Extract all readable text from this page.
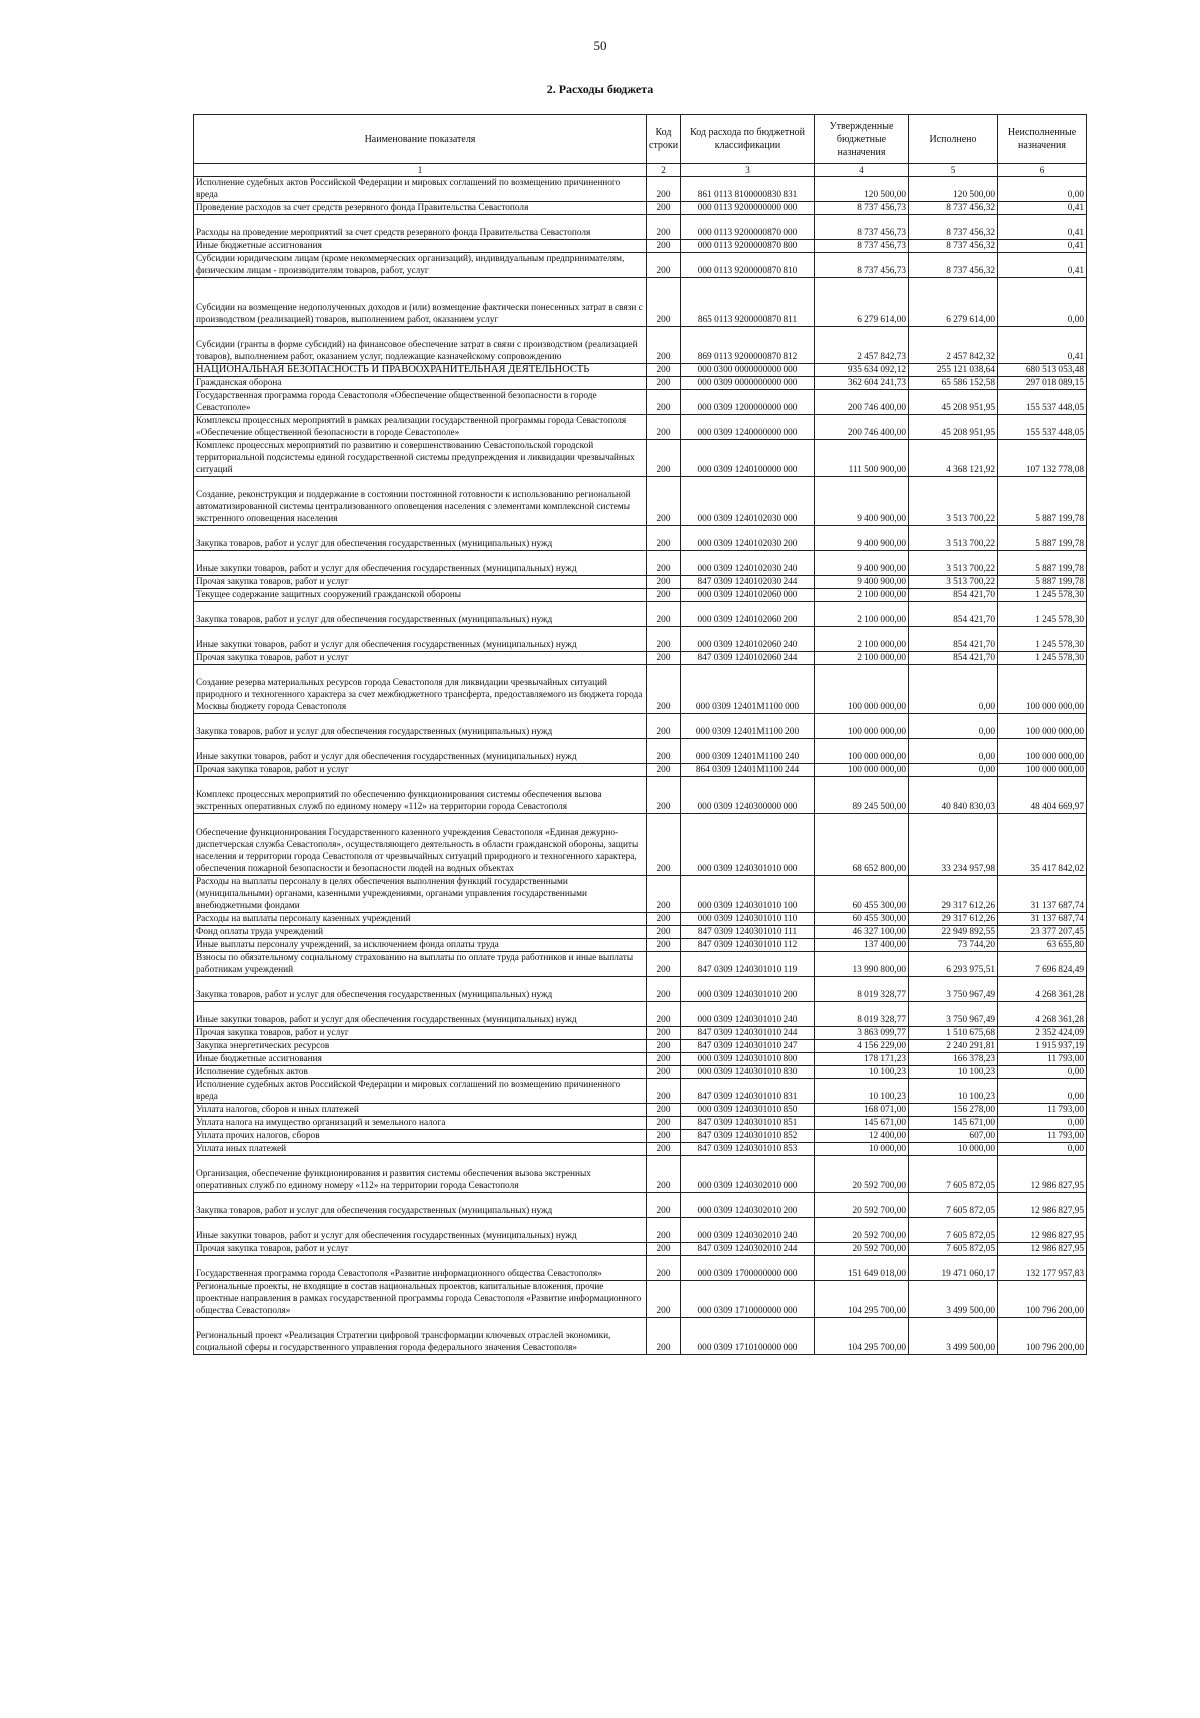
50
2. Расходы бюджета
Наименование показателя	Код строки	Код расхода по бюджетной классификации	Утвержденные бюджетные назначения	Исполнено	Неисполненные назначения
1	2	3	4	5	6
Исполнение судебных актов Российской Федерации и мировых соглашений по возмещению причиненного вреда	200	861 0113 8100000830 831	120 500,00	120 500,00	0,00
Проведение расходов за счет средств резервного фонда Правительства Севастополя	200	000 0113 9200000000 000	8 737 456,73	8 737 456,32	0,41
Расходы на проведение мероприятий за счет средств резервного фонда Правительства Севастополя	200	000 0113 9200000870 000	8 737 456,73	8 737 456,32	0,41
Иные бюджетные ассигнования	200	000 0113 9200000870 800	8 737 456,73	8 737 456,32	0,41
Субсидии юридическим лицам (кроме некоммерческих организаций), индивидуальным предпринимателям, физическим лицам - производителям товаров, работ, услуг	200	000 0113 9200000870 810	8 737 456,73	8 737 456,32	0,41
Субсидии на возмещение недополученных доходов и (или) возмещение фактически понесенных затрат в связи с производством (реализацией) товаров, выполнением работ, оказанием услуг	200	865 0113 9200000870 811	6 279 614,00	6 279 614,00	0,00
Субсидии (гранты в форме субсидий) на финансовое обеспечение затрат в связи с производством (реализацией товаров), выполнением работ, оказанием услуг, подлежащие казначейскому сопровождению	200	869 0113 9200000870 812	2 457 842,73	2 457 842,32	0,41
НАЦИОНАЛЬНАЯ БЕЗОПАСНОСТЬ И ПРАВООХРАНИТЕЛЬНАЯ ДЕЯТЕЛЬНОСТЬ	200	000 0300 0000000000 000	935 634 092,12	255 121 038,64	680 513 053,48
Гражданская оборона	200	000 0309 0000000000 000	362 604 241,73	65 586 152,58	297 018 089,15
Государственная программа города Севастополя «Обеспечение общественной безопасности в городе Севастополе»	200	000 0309 1200000000 000	200 746 400,00	45 208 951,95	155 537 448,05
Комплексы процессных мероприятий в рамках реализации государственной программы города Севастополя «Обеспечение общественной безопасности в городе Севастополе»	200	000 0309 1240000000 000	200 746 400,00	45 208 951,95	155 537 448,05
Комплекс процессных мероприятий по развитию и совершенствованию Севастопольской городской территориальной подсистемы единой государственной системы предупреждения и ликвидации чрезвычайных ситуаций	200	000 0309 1240100000 000	111 500 900,00	4 368 121,92	107 132 778,08
Создание, реконструкция и поддержание в состоянии постоянной готовности к использованию региональной автоматизированной системы централизованного оповещения населения с элементами комплексной системы экстренного оповещения населения	200	000 0309 1240102030 000	9 400 900,00	3 513 700,22	5 887 199,78
Закупка товаров, работ и услуг для обеспечения государственных (муниципальных) нужд	200	000 0309 1240102030 200	9 400 900,00	3 513 700,22	5 887 199,78
Иные закупки товаров, работ и услуг для обеспечения государственных (муниципальных) нужд	200	000 0309 1240102030 240	9 400 900,00	3 513 700,22	5 887 199,78
Прочая закупка товаров, работ и услуг	200	847 0309 1240102030 244	9 400 900,00	3 513 700,22	5 887 199,78
Текущее содержание защитных сооружений гражданской обороны	200	000 0309 1240102060 000	2 100 000,00	854 421,70	1 245 578,30
Закупка товаров, работ и услуг для обеспечения государственных (муниципальных) нужд	200	000 0309 1240102060 200	2 100 000,00	854 421,70	1 245 578,30
Иные закупки товаров, работ и услуг для обеспечения государственных (муниципальных) нужд	200	000 0309 1240102060 240	2 100 000,00	854 421,70	1 245 578,30
Прочая закупка товаров, работ и услуг	200	847 0309 1240102060 244	2 100 000,00	854 421,70	1 245 578,30
Создание резерва материальных ресурсов города Севастополя для ликвидации чрезвычайных ситуаций природного и техногенного характера за счет межбюджетного трансферта, предоставляемого из бюджета города Москвы бюджету города Севастополя	200	000 0309 12401M1100 000	100 000 000,00	0,00	100 000 000,00
Закупка товаров, работ и услуг для обеспечения государственных (муниципальных) нужд	200	000 0309 12401M1100 200	100 000 000,00	0,00	100 000 000,00
Иные закупки товаров, работ и услуг для обеспечения государственных (муниципальных) нужд	200	000 0309 12401M1100 240	100 000 000,00	0,00	100 000 000,00
Прочая закупка товаров, работ и услуг	200	864 0309 12401M1100 244	100 000 000,00	0,00	100 000 000,00
Комплекс процессных мероприятий по обеспечению функционирования системы обеспечения вызова экстренных оперативных служб по единому номеру «112» на территории города Севастополя	200	000 0309 1240300000 000	89 245 500,00	40 840 830,03	48 404 669,97
Обеспечение функционирования Государственного казенного учреждения Севастополя «Единая дежурно-диспетчерская служба Севастополя», осуществляющего деятельность в области гражданской обороны, защиты населения и территории города Севастополя от чрезвычайных ситуаций природного и техногенного характера, обеспечения пожарной безопасности и безопасности людей на водных объектах	200	000 0309 1240301010 000	68 652 800,00	33 234 957,98	35 417 842,02
Расходы на выплаты персоналу в целях обеспечения выполнения функций государственными (муниципальными) органами, казенными учреждениями, органами управления государственными внебюджетными фондами	200	000 0309 1240301010 100	60 455 300,00	29 317 612,26	31 137 687,74
Расходы на выплаты персоналу казенных учреждений	200	000 0309 1240301010 110	60 455 300,00	29 317 612,26	31 137 687,74
Фонд оплаты труда учреждений	200	847 0309 1240301010 111	46 327 100,00	22 949 892,55	23 377 207,45
Иные выплаты персоналу учреждений, за исключением фонда оплаты труда	200	847 0309 1240301010 112	137 400,00	73 744,20	63 655,80
Взносы по обязательному социальному страхованию на выплаты по оплате труда работников и иные выплаты работникам учреждений	200	847 0309 1240301010 119	13 990 800,00	6 293 975,51	7 696 824,49
Закупка товаров, работ и услуг для обеспечения государственных (муниципальных) нужд	200	000 0309 1240301010 200	8 019 328,77	3 750 967,49	4 268 361,28
Иные закупки товаров, работ и услуг для обеспечения государственных (муниципальных) нужд	200	000 0309 1240301010 240	8 019 328,77	3 750 967,49	4 268 361,28
Прочая закупка товаров, работ и услуг	200	847 0309 1240301010 244	3 863 099,77	1 510 675,68	2 352 424,09
Закупка энергетических ресурсов	200	847 0309 1240301010 247	4 156 229,00	2 240 291,81	1 915 937,19
Иные бюджетные ассигнования	200	000 0309 1240301010 800	178 171,23	166 378,23	11 793,00
Исполнение судебных актов	200	000 0309 1240301010 830	10 100,23	10 100,23	0,00
Исполнение судебных актов Российской Федерации и мировых соглашений по возмещению причиненного вреда	200	847 0309 1240301010 831	10 100,23	10 100,23	0,00
Уплата налогов, сборов и иных платежей	200	000 0309 1240301010 850	168 071,00	156 278,00	11 793,00
Уплата налога на имущество организаций и земельного налога	200	847 0309 1240301010 851	145 671,00	145 671,00	0,00
Уплата прочих налогов, сборов	200	847 0309 1240301010 852	12 400,00	607,00	11 793,00
Уплата иных платежей	200	847 0309 1240301010 853	10 000,00	10 000,00	0,00
Организация, обеспечение функционирования и развития системы обеспечения вызова экстренных оперативных служб по единому номеру «112» на территории города Севастополя	200	000 0309 1240302010 000	20 592 700,00	7 605 872,05	12 986 827,95
Закупка товаров, работ и услуг для обеспечения государственных (муниципальных) нужд	200	000 0309 1240302010 200	20 592 700,00	7 605 872,05	12 986 827,95
Иные закупки товаров, работ и услуг для обеспечения государственных (муниципальных) нужд	200	000 0309 1240302010 240	20 592 700,00	7 605 872,05	12 986 827,95
Прочая закупка товаров, работ и услуг	200	847 0309 1240302010 244	20 592 700,00	7 605 872,05	12 986 827,95
Государственная программа города Севастополя «Развитие информационного общества Севастополя»	200	000 0309 1700000000 000	151 649 018,00	19 471 060,17	132 177 957,83
Региональные проекты, не входящие в состав национальных проектов, капитальные вложения, прочие проектные направления в рамках государственной программы города Севастополя «Развитие информационного общества Севастополя»	200	000 0309 1710000000 000	104 295 700,00	3 499 500,00	100 796 200,00
Региональный проект «Реализация Стратегии цифровой трансформации ключевых отраслей экономики, социальной сферы и государственного управления города федерального значения Севастополя»	200	000 0309 1710100000 000	104 295 700,00	3 499 500,00	100 796 200,00
